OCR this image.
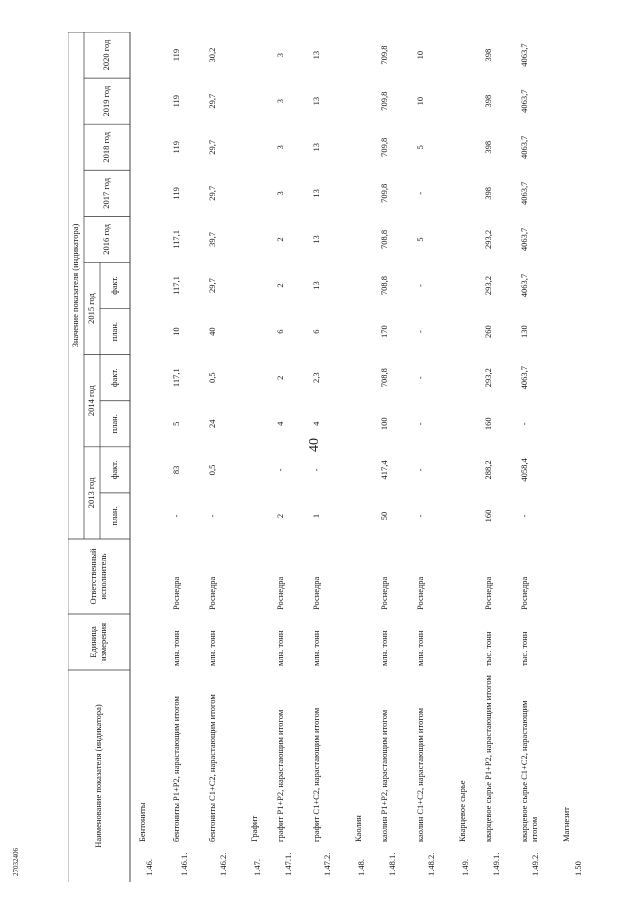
40
27032406
Наименование показателя (индикатора)
Единица измерения
Ответственный исполнитель
Значение показателя (индикатора)
2013 год
план.
факт.
2014 год
план.
факт.
2015 год
план.
факт.
2016 год
2017 год
2018 год
2019 год
2020 год
1.46.
Бентониты
1.46.1.
бентониты P1+P2, нарастающим итогом
млн. тонн
Роснедра
-
83
5
117,1
10
117,1
117,1
119
119
119
119
1.46.2.
бентониты C1+C2, нарастающим итогом
млн. тонн
Роснедра
-
0,5
24
0,5
40
29,7
39,7
29,7
29,7
29,7
30,2
1.47.
Графит
1.47.1.
графит P1+P2, нарастающим итогом
млн. тонн
Роснедра
2
-
4
2
6
2
2
3
3
3
3
1.47.2.
графит C1+C2, нарастающим итогом
млн. тонн
Роснедра
1
-
4
2,3
6
13
13
13
13
13
13
1.48.
Каолин
1.48.1.
каолин P1+P2, нарастающим итогом
млн. тонн
Роснедра
50
417,4
100
708,8
170
708,8
708,8
709,8
709,8
709,8
709,8
1.48.2.
каолин C1+C2, нарастающим итогом
млн. тонн
Роснедра
-
-
-
-
-
-
5
-
5
10
10
1.49.
Кварцевое сырье
1.49.1.
кварцевое сырье P1+P2, нарастающим итогом
тыс. тонн
Роснедра
160
288,2
160
293,2
260
293,2
293,2
398
398
398
398
1.49.2.
кварцевое сырье C1+C2, нарастающим итогом
тыс. тонн
Роснедра
-
4058,4
-
4063,7
130
4063,7
4063,7
4063,7
4063,7
4063,7
4063,7
1.50
Магнезит
